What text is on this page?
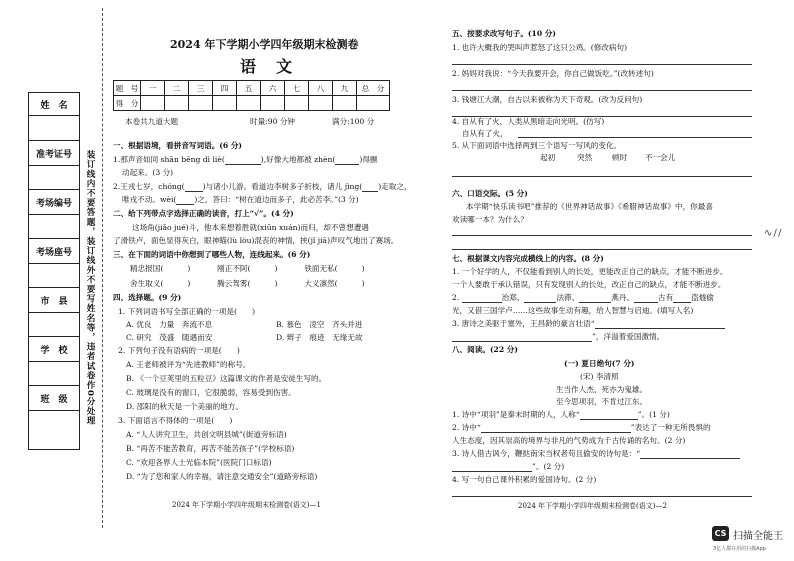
姓　名
准考证号
考场编号
考场座号
市　县
学　校
班　级	装订线内不要答题，装订线外不要写姓名等，违者试卷作0分处理
2024 年下学期小学四年级期末检测卷
语　文
题　号	一	二	三	四	五	六	七	八	九	总　分
得　分										
本卷共九道大题	时量:90 分钟	满分:100 分
一、根据语境，看拼音写词语。(6 分)
1.那声音如同 shān bēng dì liè(	),好像大地都被 zhèn(	)得颤
动起来。(3 分)
2.王戎七岁，chóng( )与诸小儿游。看道边李树多子折枝，诸儿 jìng( )走取之，
唯戎不动。wèi( )之，答曰：“树在道边而多子，此必苦李。”(3 分)
二、给下列带点字选择正确的读音，打上“√”。(4 分)
这场角(jiǎo jué)斗，他本来想着胜就(xiūn xuán)而归，却不曾想遭遇
了滑铁卢，面色显得灰白，眼神瞄(lù lòu)混丧的神情，挟(jǐ jiā)声叹气地出了赛场。
三、在下面的词语中你想到了哪些人物，连线起来。(6 分)
精忠报国(	)	刚正不阿(	)	铁面无私(	)
舍生取义(	)	腾云驾雾(	)	大义凛然(	)
四、选择题。(9 分)
1. 下列词语书写全部正确的一项是(　　)
A. 优良　力量　奔流不息	B. 慕色　凌空　齐头并进
C. 研究　茂盛　随遇而安	D. 辫子　痕迹　无缘无故
2. 下列句子没有语病的一项是(　　)
A. 王老师被评为“先进教师”的称号。
B. 《一个豆荚里的五粒豆》这篇课文的作者是安徒生写的。
C. 玻璃是没有的窗口，它很脆弱，容易受到伤害。
D. 邵阳的秋天是一个美丽的地方。
3. 下面语言不得体的一项是(　　)
A. “人人讲究卫生，共创文明县城”(街道旁标语)
B. “再苦不能苦教育，再苦不能苦孩子”(学校标语)
C. “欢迎各界人士光临本院”(医院门口标语)
D. “为了您和家人的幸福，请注意交通安全”(道路旁标语)
2024 年下学期小学四年级期末检测卷(语文)—1
五、按要求改写句子。(10 分)
1. 也许大概我的哭叫声惹怒了这只公鸡。(修改病句)
2. 妈妈对我说：“今天我要开会，你自己做饭吃。”(改转述句)
3. 钱塘江大潮，自古以来被称为天下奇观。(改为反问句)
4. 自从有了火，人类从黑暗走向光明。(仿写)
自从有了火，
5. 从下面词语中选择两到三个语写一写风的变化。
起初	突然	顿时 不一会儿
六、口语交际。(5 分)
本学期“快乐读书吧”推荐的《世界神话故事》《希腊神话故事》中，你最喜
欢读哪一本？为什么？
七、根据课文内容完成横线上的内容。(8 分)
1. 一个好学的人，不仅能看到别人的长处，更能改正自己的缺点，才能不断进步。
一个人要敢于承认错误，只有发现别人的长处，改正自己的缺点，才能不断进步。
2.	治郑、	法滞、	燕丹、	古有 盗燧偷
光，又借三国学卢……这些故事生动有趣，给人智慧与启迪。(填写人名)
3. 唐诗之美驱于塞外，王昌龄的豪言壮语“
”，洋溢着爱国激情。
八、阅读。(22 分)
(一) 夏日绝句(7 分)
(宋) 李清照
生当作人杰，死亦为鬼雄。
至今思项羽，不肯过江东。
1. 诗中“项羽”是秦末时期的人，人称“	”。(1 分)
2. 诗中“	”表达了一种无所畏惧的
人生态度，因其崇高的境界与非凡的气势成为千古传诵的名句。(2 分)
3. 诗人借古讽今，鞭挞南宋当权者苟且偷安的诗句是：“
”。(2 分)
4. 写一句自己课外积累的爱国诗句。(2 分)
2024 年下学期小学四年级期末检测卷(语文)—2
∿ ∕ ∕
CS 扫描全能王
3亿人都在用的扫描App
